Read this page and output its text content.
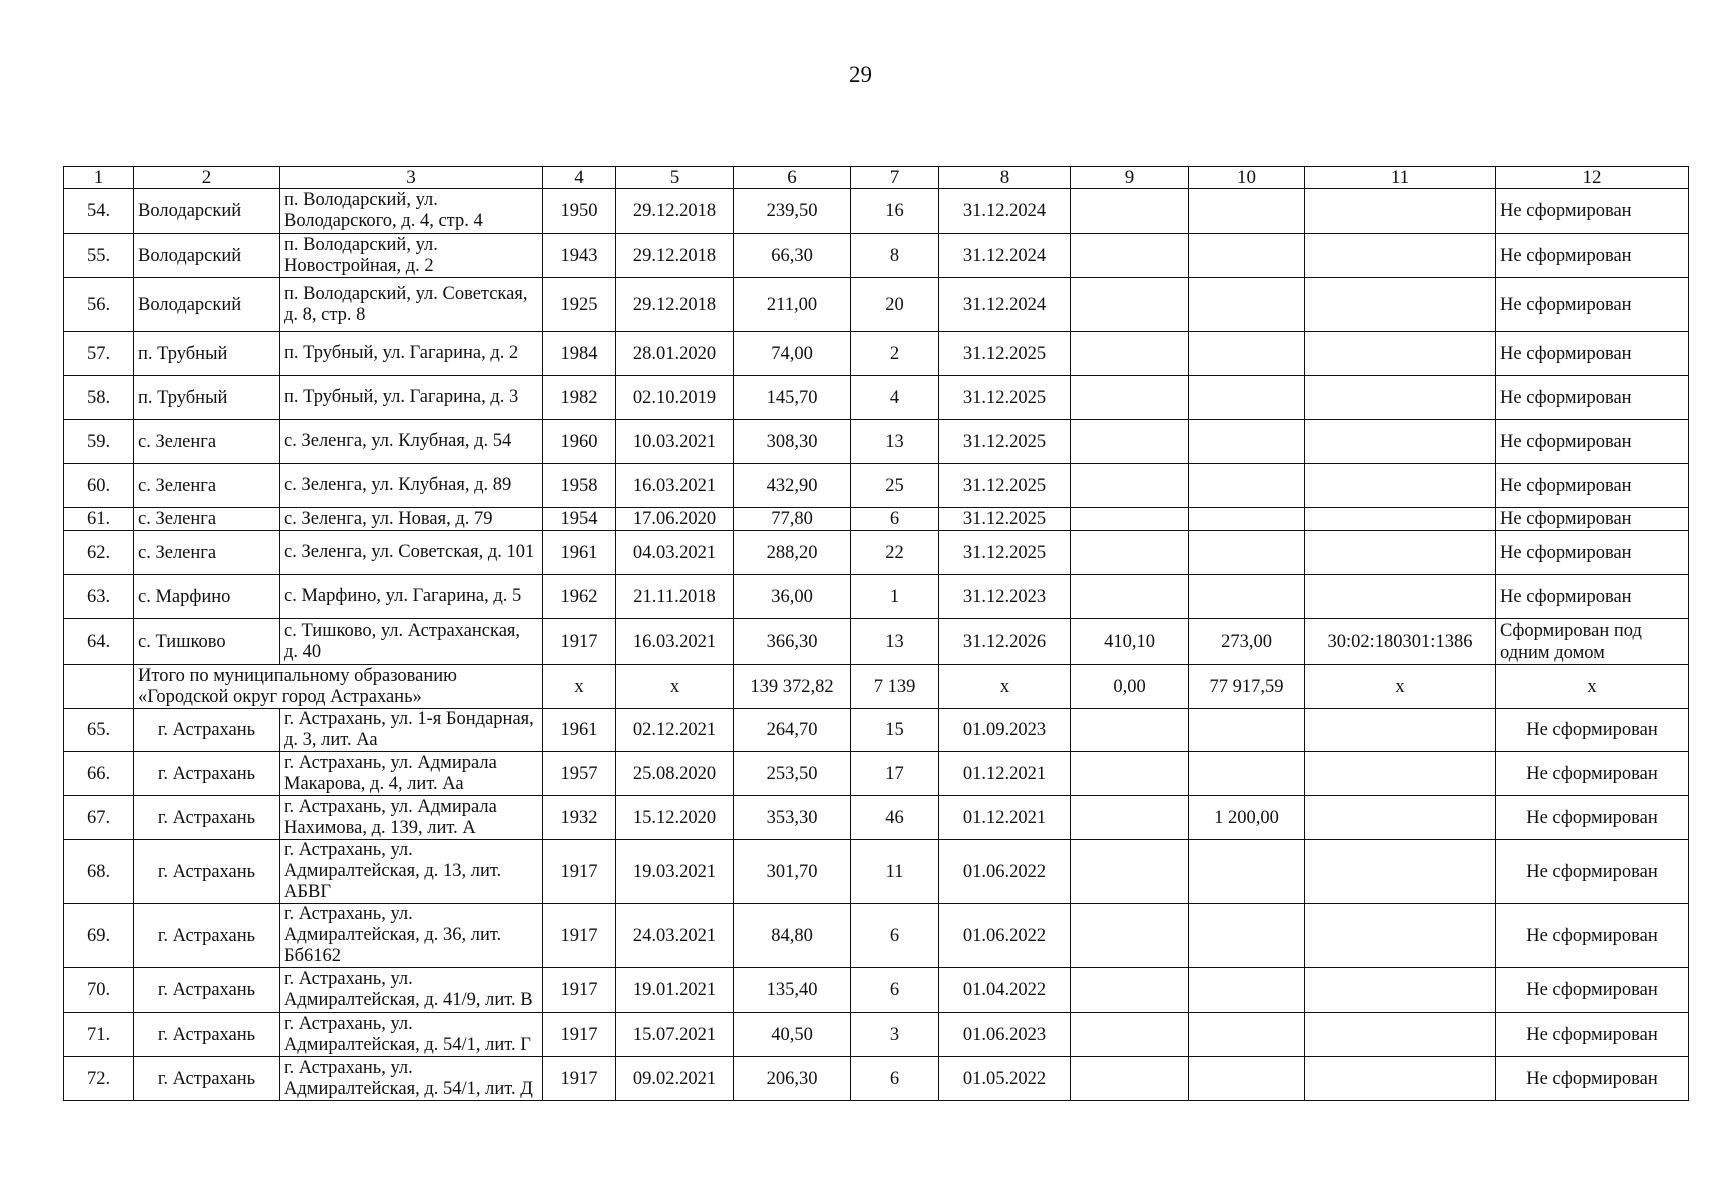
29
1	2	3	4	5	6	7	8	9	10	11	12
54.	Володарский	п. Володарский, ул. Володарского, д. 4, стр. 4	1950	29.12.2018	239,50	16	31.12.2024				Не сформирован
55.	Володарский	п. Володарский, ул. Новостройная, д. 2	1943	29.12.2018	66,30	8	31.12.2024				Не сформирован
56.	Володарский	п. Володарский, ул. Советская, д. 8, стр. 8	1925	29.12.2018	211,00	20	31.12.2024				Не сформирован
57.	п. Трубный	п. Трубный, ул. Гагарина, д. 2	1984	28.01.2020	74,00	2	31.12.2025				Не сформирован
58.	п. Трубный	п. Трубный, ул. Гагарина, д. 3	1982	02.10.2019	145,70	4	31.12.2025				Не сформирован
59.	с. Зеленга	с. Зеленга, ул. Клубная, д. 54	1960	10.03.2021	308,30	13	31.12.2025				Не сформирован
60.	с. Зеленга	с. Зеленга, ул. Клубная, д. 89	1958	16.03.2021	432,90	25	31.12.2025				Не сформирован
61.	с. Зеленга	с. Зеленга, ул. Новая, д. 79	1954	17.06.2020	77,80	6	31.12.2025				Не сформирован
62.	с. Зеленга	с. Зеленга, ул. Советская, д. 101	1961	04.03.2021	288,20	22	31.12.2025				Не сформирован
63.	с. Марфино	с. Марфино, ул. Гагарина, д. 5	1962	21.11.2018	36,00	1	31.12.2023				Не сформирован
64.	с. Тишково	с. Тишково, ул. Астраханская, д. 40	1917	16.03.2021	366,30	13	31.12.2026	410,10	273,00	30:02:180301:1386	Сформирован под одним домом
	Итого по муниципальному образованию «Городской округ город Астрахань»		x	x	139 372,82	7 139	x	0,00	77 917,59	x	x
65.	г. Астрахань	г. Астрахань, ул. 1-я Бондарная, д. 3, лит. Аа	1961	02.12.2021	264,70	15	01.09.2023				Не сформирован
66.	г. Астрахань	г. Астрахань, ул. Адмирала Макарова, д. 4, лит. Аа	1957	25.08.2020	253,50	17	01.12.2021				Не сформирован
67.	г. Астрахань	г. Астрахань, ул. Адмирала Нахимова, д. 139, лит. А	1932	15.12.2020	353,30	46	01.12.2021		1 200,00		Не сформирован
68.	г. Астрахань	г. Астрахань, ул. Адмиралтейская, д. 13, лит. АБВГ	1917	19.03.2021	301,70	11	01.06.2022				Не сформирован
69.	г. Астрахань	г. Астрахань, ул. Адмиралтейская, д. 36, лит. Бб6162	1917	24.03.2021	84,80	6	01.06.2022				Не сформирован
70.	г. Астрахань	г. Астрахань, ул. Адмиралтейская, д. 41/9, лит. В	1917	19.01.2021	135,40	6	01.04.2022				Не сформирован
71.	г. Астрахань	г. Астрахань, ул. Адмиралтейская, д. 54/1, лит. Г	1917	15.07.2021	40,50	3	01.06.2023				Не сформирован
72.	г. Астрахань	г. Астрахань, ул. Адмиралтейская, д. 54/1, лит. Д	1917	09.02.2021	206,30	6	01.05.2022				Не сформирован
